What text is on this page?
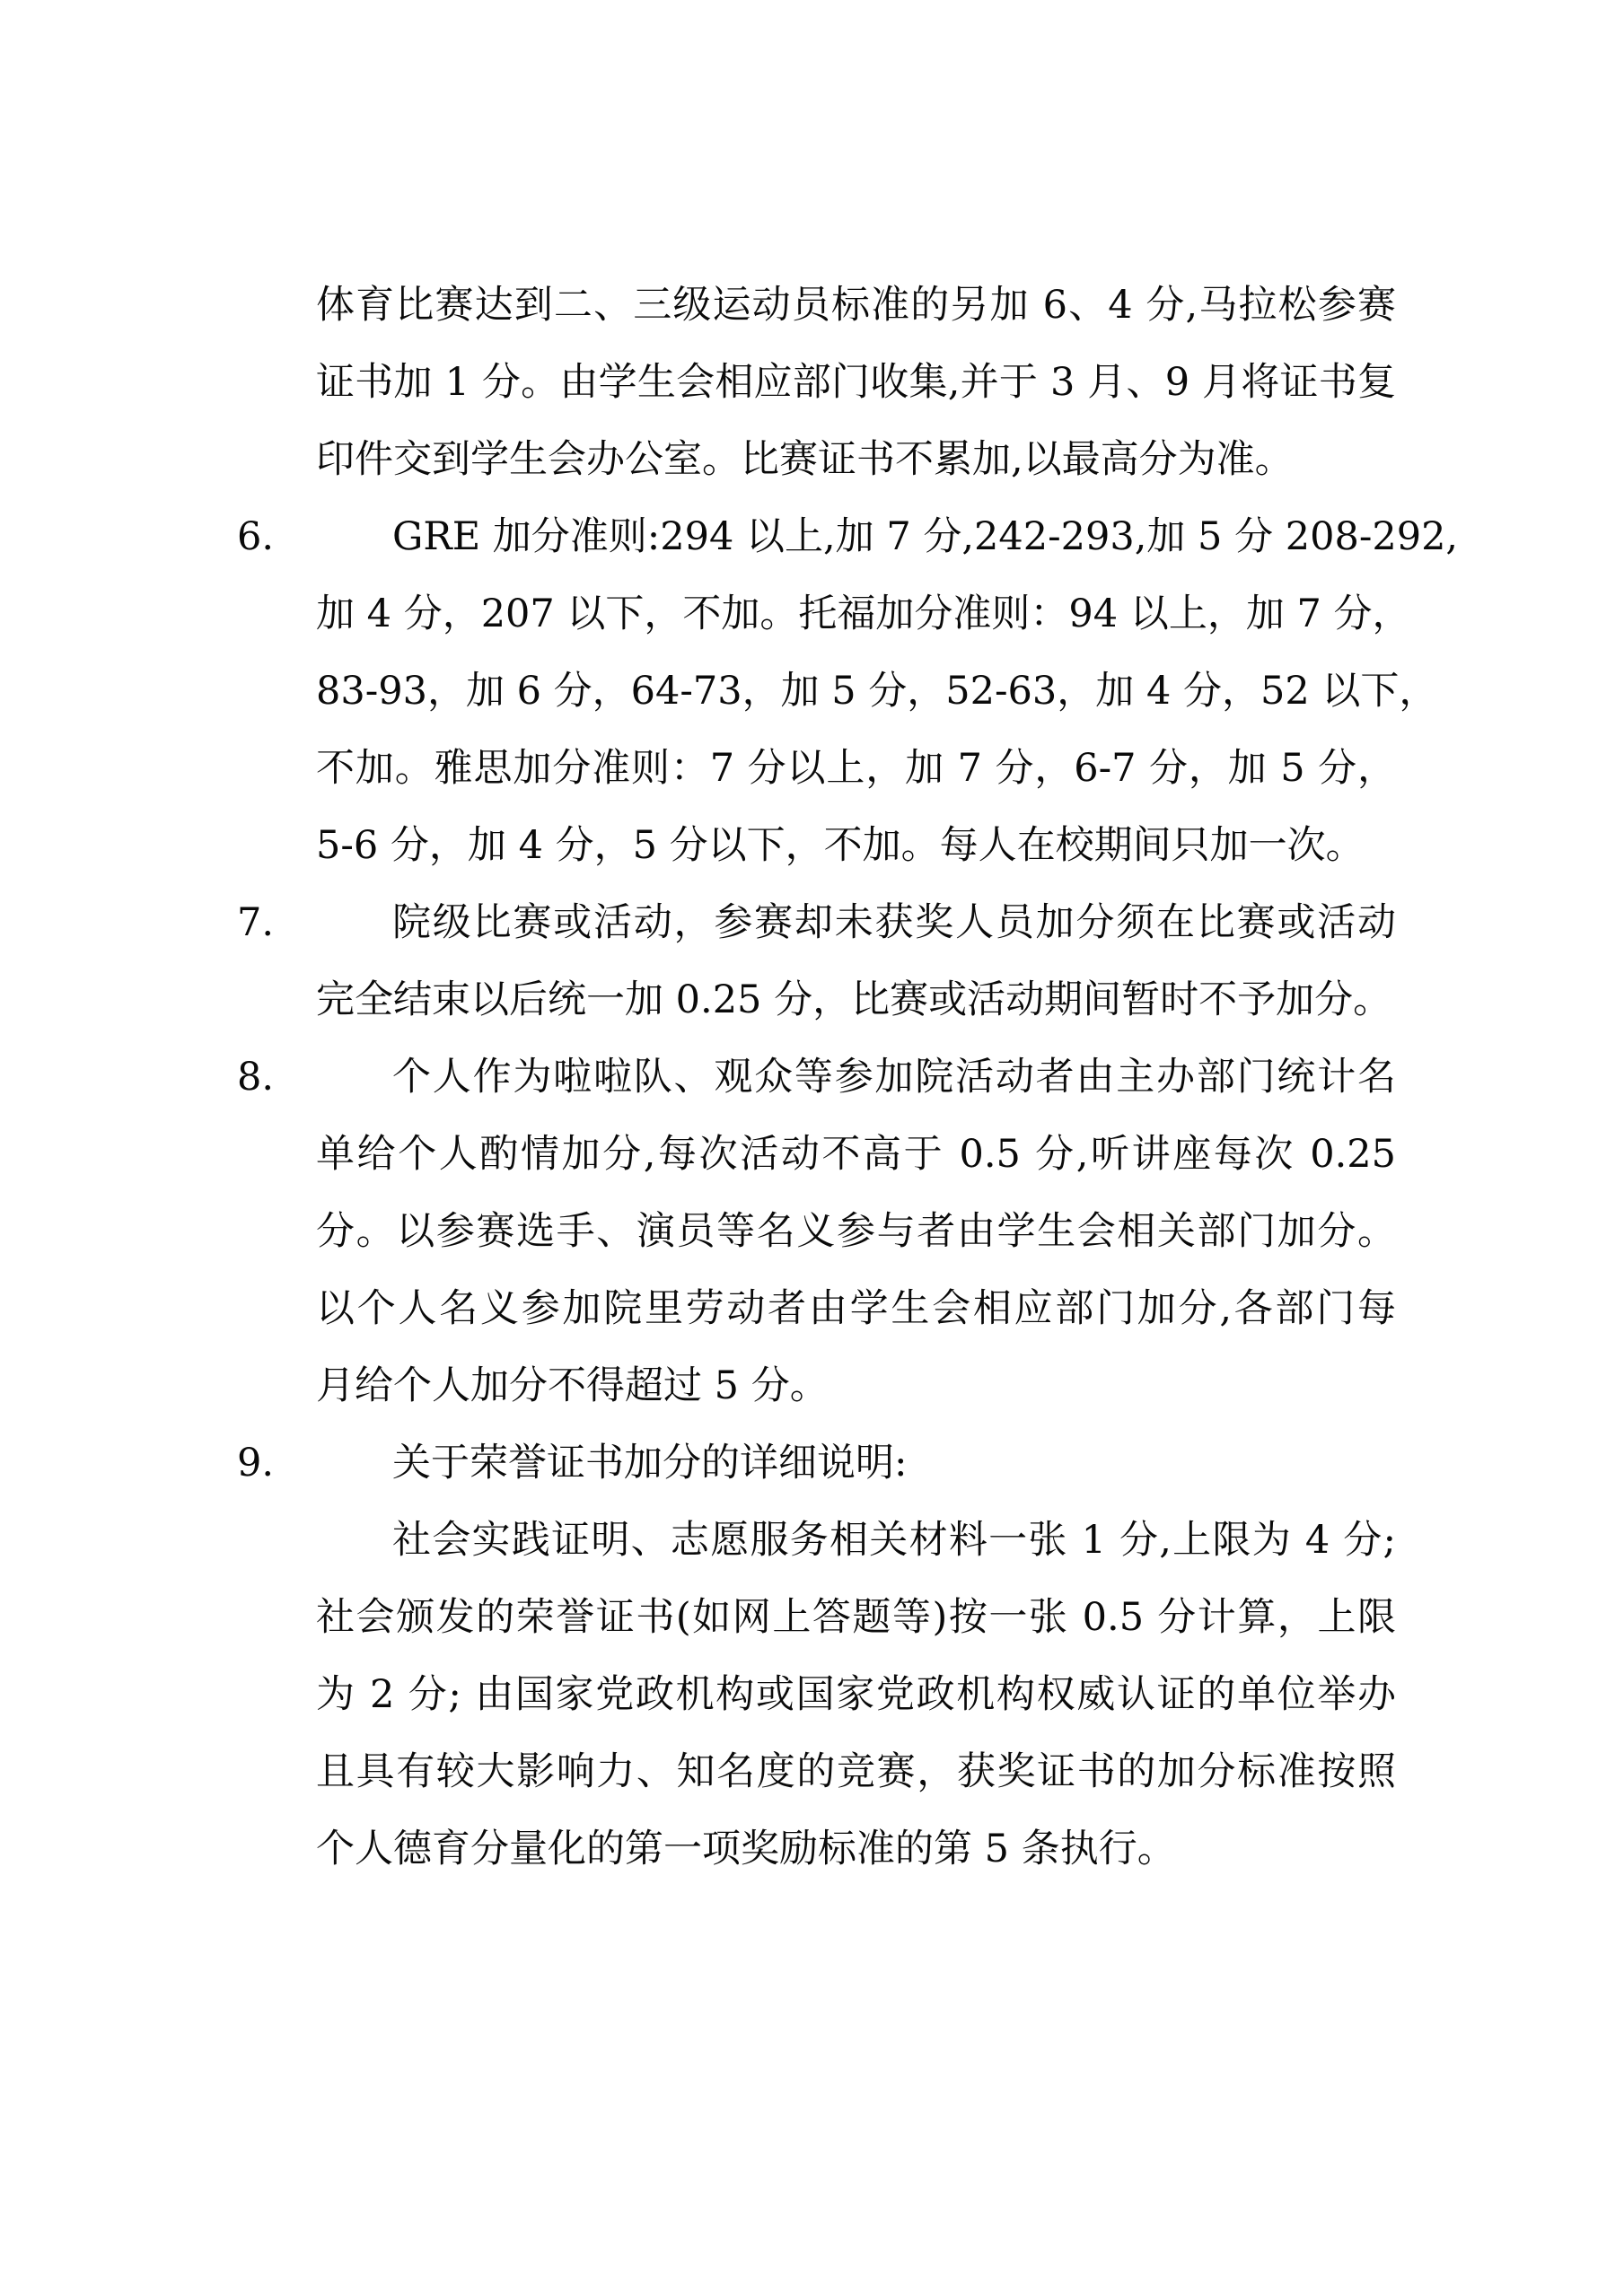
体育比赛达到二、三级运动员标准的另加 6、4 分,马拉松参赛
证书加 1 分。由学生会相应部门收集,并于 3 月、9 月将证书复
印件交到学生会办公室。比赛证书不累加,以最高分为准。
6.	GRE 加分准则:294 以上,加 7 分,242-293,加 5 分 208-292,
加 4 分，207 以下，不加。托福加分准则：94 以上，加 7 分，
83-93，加 6 分，64-73，加 5 分，52-63，加 4 分，52 以下，
不加。雅思加分准则：7 分以上，加 7 分，6-7 分，加 5 分，
5-6 分，加 4 分，5 分以下，不加。每人在校期间只加一次。
7.	院级比赛或活动，参赛却未获奖人员加分须在比赛或活动
完全结束以后统一加 0.25 分，比赛或活动期间暂时不予加分。
8.	个人作为啦啦队、观众等参加院活动者由主办部门统计名
单给个人酌情加分,每次活动不高于 0.5 分,听讲座每次 0.25
分。以参赛选手、演员等名义参与者由学生会相关部门加分。
以个人名义参加院里劳动者由学生会相应部门加分,各部门每
月给个人加分不得超过 5 分。
9.	关于荣誉证书加分的详细说明:
社会实践证明、志愿服务相关材料一张 1 分,上限为 4 分;
社会颁发的荣誉证书(如网上答题等)按一张 0.5 分计算，上限
为 2 分; 由国家党政机构或国家党政机构权威认证的单位举办
且具有较大影响力、知名度的竞赛，获奖证书的加分标准按照
个人德育分量化的第一项奖励标准的第 5 条执行。
